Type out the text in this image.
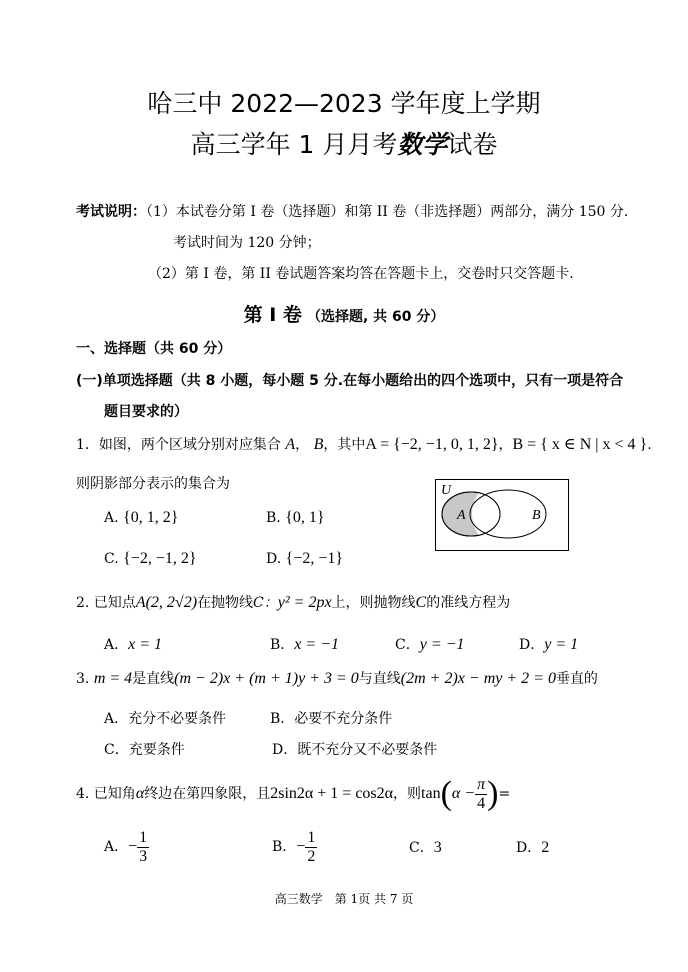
哈三中 2022—2023 学年度上学期
高三学年 1 月月考数学试卷
考试说明：（1）本试卷分第 I 卷（选择题）和第 II 卷（非选择题）两部分，满分 150 分.
考试时间为 120 分钟；
（2）第 I 卷，第 II 卷试题答案均答在答题卡上，交卷时只交答题卡.
第 I 卷 （选择题, 共 60 分）
一、选择题（共 60 分）
(一)单项选择题（共 8 小题，每小题 5 分.在每小题给出的四个选项中，只有一项是符合
题目要求的）
1．如图，两个区域分别对应集合 A， B，其中A = {−2, −1, 0, 1, 2}，B = { x ∈ N | x < 4 }.
则阴影部分表示的集合为	U
A	B
A. {0, 1, 2}	B. {0, 1}
C. {−2, −1, 2}	D. {−2, −1}
2. 已知点A(2, 2√2)在抛物线C：y² = 2px上，则抛物线C的准线方程为
A．x = 1	B．x = −1	C．y = −1	D．y = 1
3. m = 4是直线(m − 2)x + (m + 1)y + 3 = 0与直线(2m + 2)x − my + 2 = 0垂直的
A．充分不必要条件	B．必要不充分条件
C．充要条件	D．既不充分又不必要条件
4. 已知角α终边在第四象限，且2sin2α + 1 = cos2α，则$\tan(\alpha - \frac{\pi}{4}$ )=
A．− $\frac{1}{3}$	B．− $\frac{1}{2}$	C．3	D．2
高三数学　第 1页 共 7 页
